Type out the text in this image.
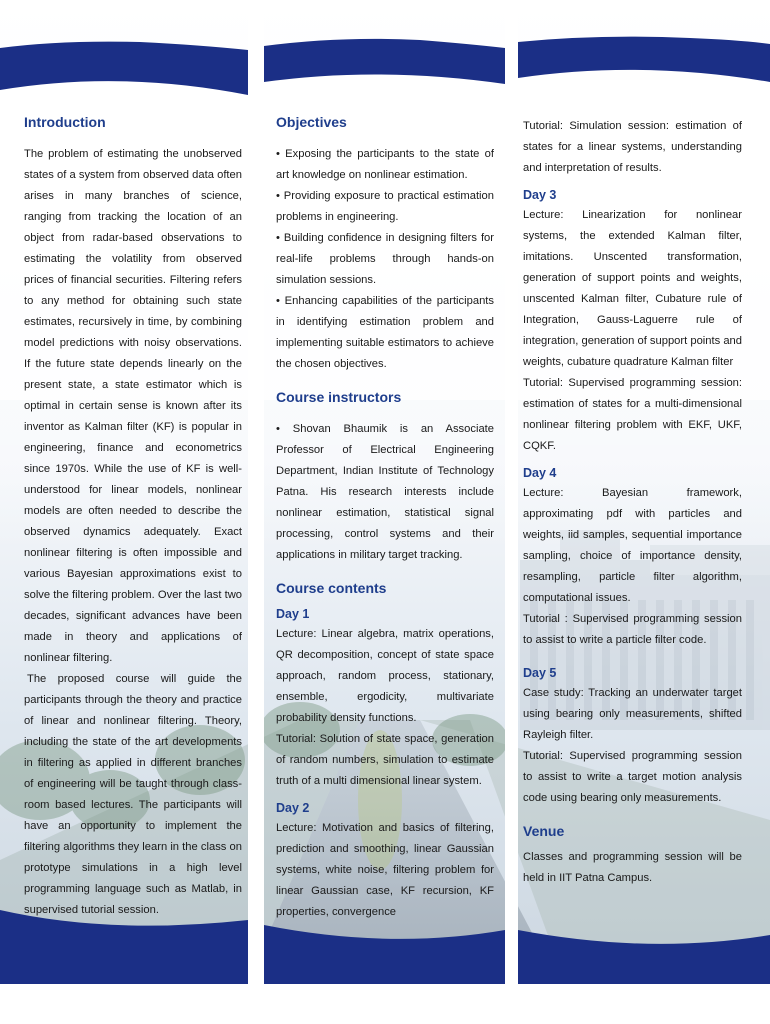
Introduction

The problem of estimating the unobserved states of a system from observed data often arises in many branches of science, ranging from tracking the location of an object from radar-based observations to estimating the volatility from observed prices of financial securities. Filtering refers to any method for obtaining such state estimates, recursively in time, by combining model predictions with noisy observations. If the future state depends linearly on the present state, a state estimator which is optimal in certain sense is known after its inventor as Kalman filter (KF) is popular in engineering, finance and econometrics since 1970s. While the use of KF is well-understood for linear models, nonlinear models are often needed to describe the observed dynamics adequately. Exact nonlinear filtering is often impossible and various Bayesian approximations exist to solve the filtering problem. Over the last two decades, significant advances have been made in theory and applications of nonlinear filtering.

The proposed course will guide the participants through the theory and practice of linear and nonlinear filtering. Theory, including the state of the art developments in filtering as applied in different branches of engineering will be taught through class-room based lectures. The participants will have an opportunity to implement the filtering algorithms they learn in the class on prototype simulations in a high level programming language such as Matlab, in supervised tutorial session.

Objectives

• Exposing the participants to the state of art knowledge on nonlinear estimation.

• Providing exposure to practical estimation problems in engineering.

• Building confidence in designing filters for real-life problems through hands-on simulation sessions.

• Enhancing capabilities of the participants in identifying estimation problem and implementing suitable estimators to achieve the chosen objectives.

Course instructors

• Shovan Bhaumik is an Associate Professor of Electrical Engineering Department, Indian Institute of Technology Patna. His research interests include nonlinear estimation, statistical signal processing, control systems and their applications in military target tracking.

Course contents
Day 1

Lecture: Linear algebra, matrix operations, QR decomposition, concept of state space approach, random process, stationary, ensemble, ergodicity, multivariate probability density functions.

Tutorial: Solution of state space, generation of random numbers, simulation to estimate truth of a multi dimensional linear system.

Day 2

Lecture: Motivation and basics of filtering, prediction and smoothing, linear Gaussian systems, white noise, filtering problem for linear Gaussian case, KF recursion, KF properties, convergence

Tutorial: Simulation session: estimation of states for a linear systems, understanding and interpretation of results.

Day 3

Lecture: Linearization for nonlinear systems, the extended Kalman filter, imitations. Unscented transformation, generation of support points and weights, unscented Kalman filter, Cubature rule of Integration, Gauss-Laguerre rule of integration, generation of support points and weights, cubature quadrature Kalman filter

Tutorial: Supervised programming session: estimation of states for a multi-dimensional nonlinear filtering problem with EKF, UKF, CQKF.

Day 4

Lecture: Bayesian framework, approximating pdf with particles and weights, iid samples, sequential importance sampling, choice of importance density, resampling, particle filter algorithm, computational issues.

Tutorial : Supervised programming session to assist to write a particle filter code.

Day 5

Case study: Tracking an underwater target using bearing only measurements, shifted Rayleigh filter.

Tutorial: Supervised programming session to assist to write a target motion analysis code using bearing only measurements.

Venue

Classes and programming session will be held in IIT Patna Campus.
